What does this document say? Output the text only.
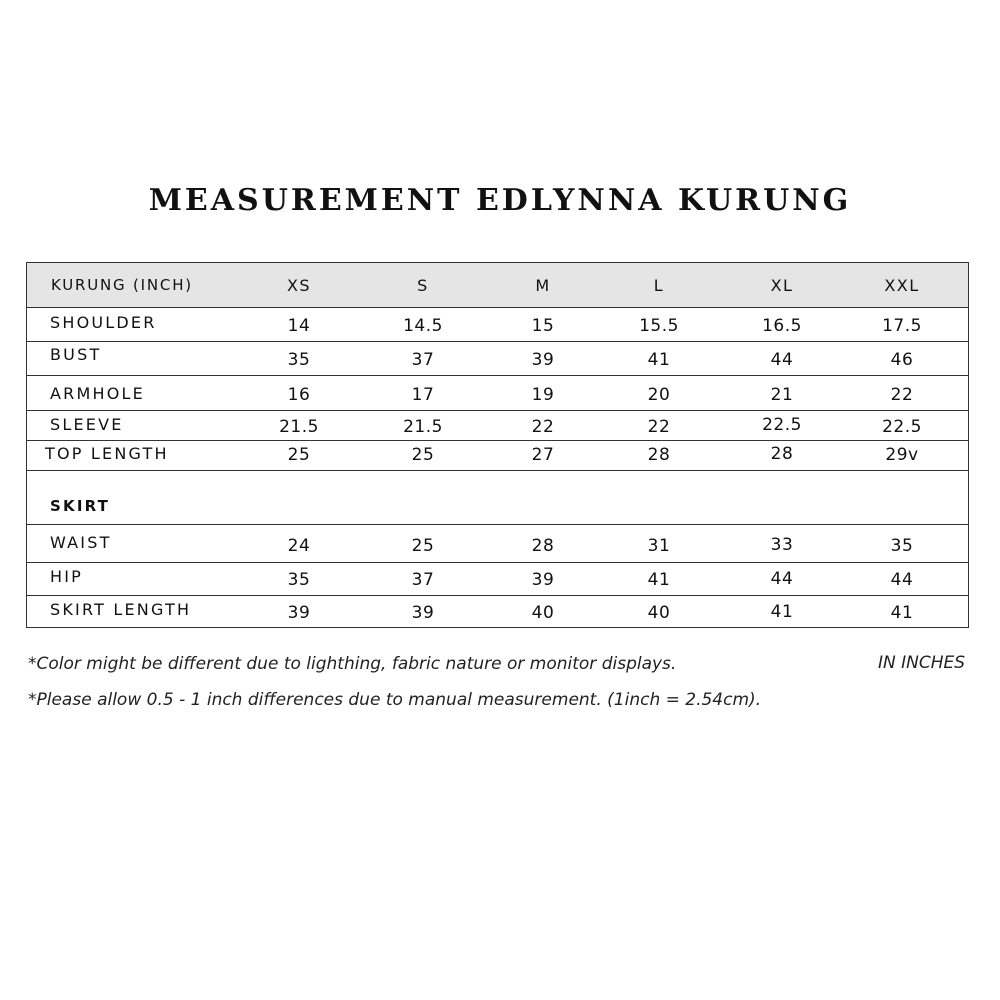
MEASUREMENT EDLYNNA KURUNG
KURUNG (INCH)	XS	S	M	L	XL	XXL
SHOULDER	14	14.5	15	15.5	16.5	17.5
BUST	35	37	39	41	44	46
ARMHOLE	16	17	19	20	21	22
SLEEVE	21.5	21.5	22	22	22.5	22.5
TOP LENGTH	25	25	27	28	28	29v
SKIRT
WAIST	24	25	28	31	33	35
HIP	35	37	39	41	44	44
SKIRT LENGTH	39	39	40	40	41	41
*Color might be different due to lighthing, fabric nature or monitor displays.	IN INCHES
*Please allow 0.5 - 1 inch differences due to manual measurement. (1inch = 2.54cm).
